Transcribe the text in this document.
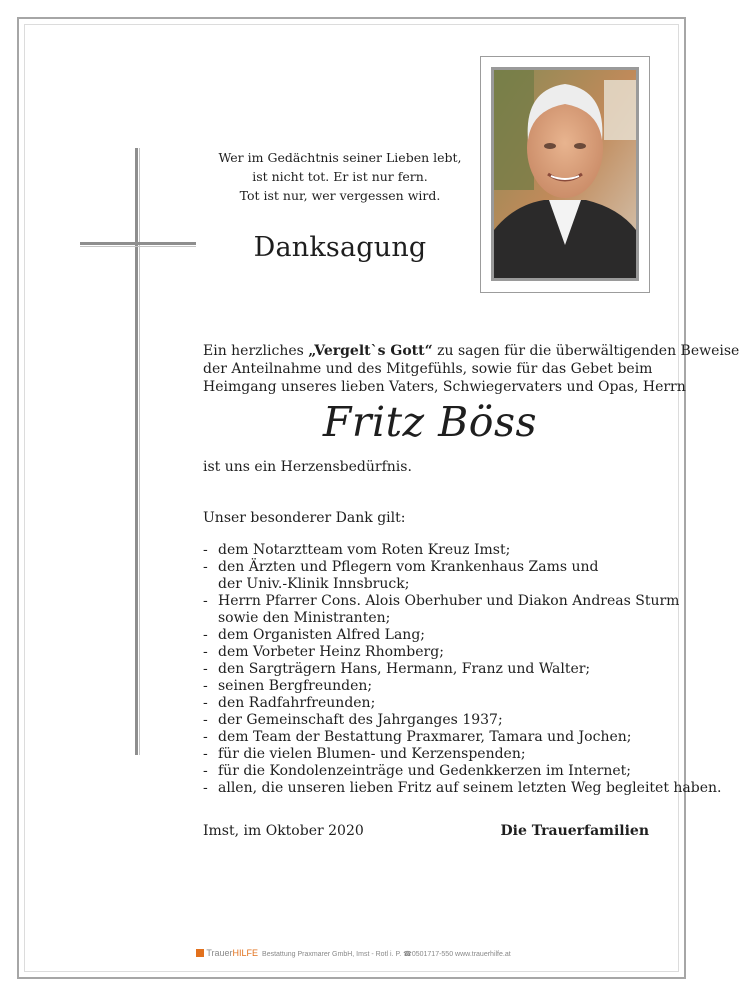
Wer im Gedächtnis seiner Lieben lebt,
ist nicht tot. Er ist nur fern.
Tot ist nur, wer vergessen wird.
Danksagung
Ein herzliches „Vergelt`s Gott“ zu sagen für die überwältigenden Beweise
der Anteilnahme und des Mitgefühls, sowie für das Gebet beim
Heimgang unseres lieben Vaters, Schwiegervaters und Opas, Herrn
Fritz Böss
ist uns ein Herzensbedürfnis.
Unser besonderer Dank gilt:
- dem Notarztteam vom Roten Kreuz Imst;
- den Ärzten und Pflegern vom Krankenhaus Zams und
der Univ.-Klinik Innsbruck;
- Herrn Pfarrer Cons. Alois Oberhuber und Diakon Andreas Sturm
sowie den Ministranten;
- dem Organisten Alfred Lang;
- dem Vorbeter Heinz Rhomberg;
- den Sargträgern Hans, Hermann, Franz und Walter;
- seinen Bergfreunden;
- den Radfahrfreunden;
- der Gemeinschaft des Jahrganges 1937;
- dem Team der Bestattung Praxmarer, Tamara und Jochen;
- für die vielen Blumen- und Kerzenspenden;
- für die Kondolenzeinträge und Gedenkkerzen im Internet;
- allen, die unseren lieben Fritz auf seinem letzten Weg begleitet haben.
Imst, im Oktober 2020	Die Trauerfamilien
TrauerHILFE Bestattung Praxmarer GmbH, Imst - Rotl i. P. ☎0501717-550 www.trauerhilfe.at
